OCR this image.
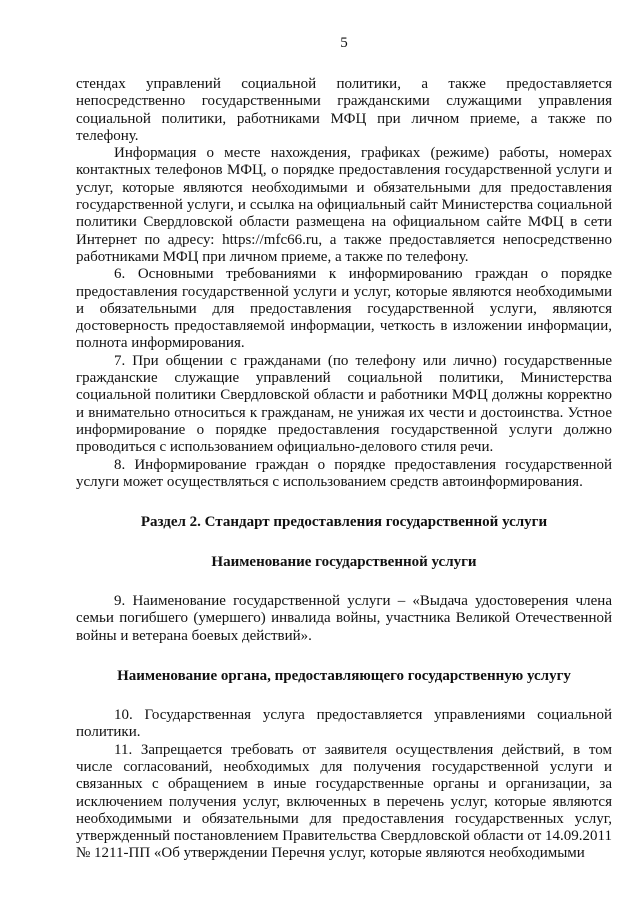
5

стендах управлений социальной политики, а также предоставляется непосредственно государственными гражданскими служащими управления социальной политики, работниками МФЦ при личном приеме, а также по телефону.

Информация о месте нахождения, графиках (режиме) работы, номерах контактных телефонов МФЦ, о порядке предоставления государственной услуги и услуг, которые являются необходимыми и обязательными для предоставления государственной услуги, и ссылка на официальный сайт Министерства социальной политики Свердловской области размещена на официальном сайте МФЦ в сети Интернет по адресу: https://mfc66.ru, а также предоставляется непосредственно работниками МФЦ при личном приеме, а также по телефону.

6. Основными требованиями к информированию граждан о порядке предоставления государственной услуги и услуг, которые являются необходимыми и обязательными для предоставления государственной услуги, являются достоверность предоставляемой информации, четкость в изложении информации, полнота информирования.

7. При общении с гражданами (по телефону или лично) государственные гражданские служащие управлений социальной политики, Министерства социальной политики Свердловской области и работники МФЦ должны корректно и внимательно относиться к гражданам, не унижая их чести и достоинства. Устное информирование о порядке предоставления государственной услуги должно проводиться с использованием официально-делового стиля речи.

8. Информирование граждан о порядке предоставления государственной услуги может осуществляться с использованием средств автоинформирования.

Раздел 2. Стандарт предоставления государственной услуги
Наименование государственной услуги

9. Наименование государственной услуги – «Выдача удостоверения члена семьи погибшего (умершего) инвалида войны, участника Великой Отечественной войны и ветерана боевых действий».

Наименование органа, предоставляющего государственную услугу

10. Государственная услуга предоставляется управлениями социальной политики.

11. Запрещается требовать от заявителя осуществления действий, в том числе согласований, необходимых для получения государственной услуги и связанных с обращением в иные государственные органы и организации, за исключением получения услуг, включенных в перечень услуг, которые являются необходимыми и обязательными для предоставления государственных услуг, утвержденный постановлением Правительства Свердловской области от 14.09.2011 № 1211-ПП «Об утверждении Перечня услуг, которые являются необходимыми
